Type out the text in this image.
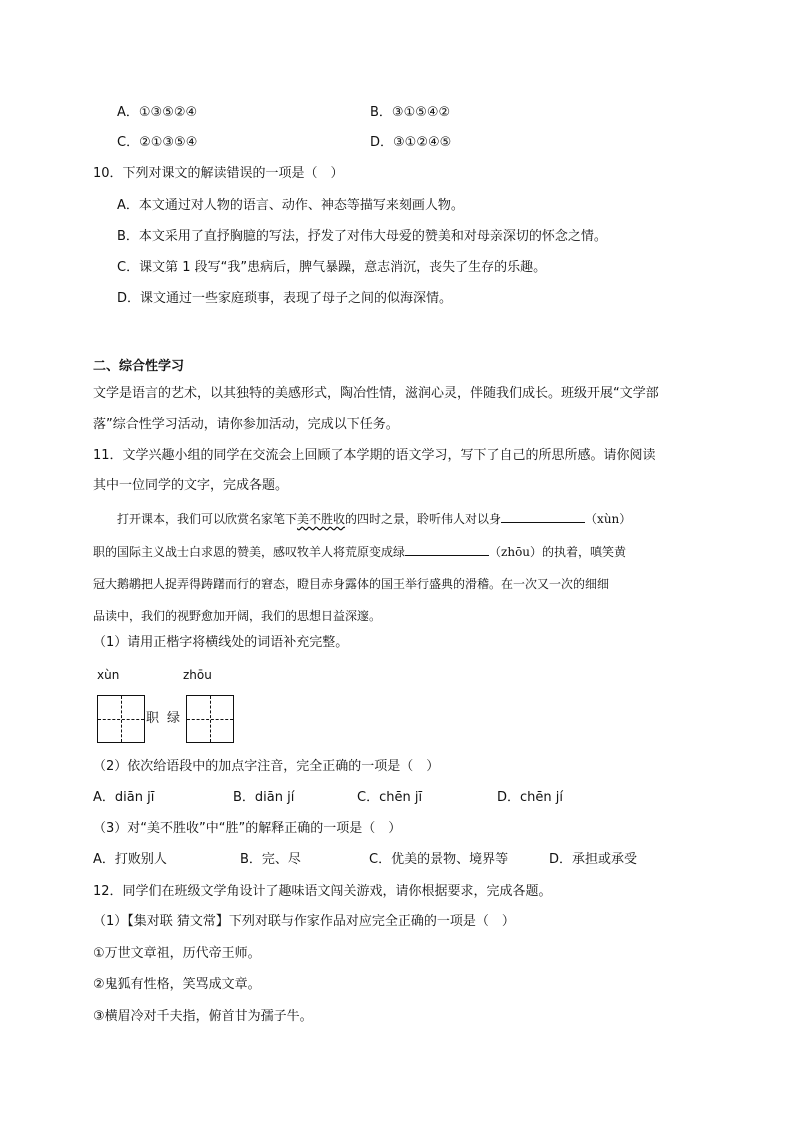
A．①③⑤②④	B．③①⑤④②
C．②①③⑤④	D．③①②④⑤
10．下列对课文的解读错误的一项是（　）
A．本文通过对人物的语言、动作、神态等描写来刻画人物。
B．本文采用了直抒胸臆的写法，抒发了对伟大母爱的赞美和对母亲深切的怀念之情。
C．课文第 1 段写“我”患病后，脾气暴躁，意志消沉，丧失了生存的乐趣。
D．课文通过一些家庭琐事，表现了母子之间的似海深情。
二、综合性学习
文学是语言的艺术，以其独特的美感形式，陶冶性情，滋润心灵，伴随我们成长。班级开展“文学部
落”综合性学习活动，请你参加活动，完成以下任务。
11．文学兴趣小组的同学在交流会上回顾了本学期的语文学习，写下了自己的所思所感。请你阅读
其中一位同学的文字，完成各题。
打开课本，我们可以欣赏名家笔下美不胜收的四时之景，聆听伟人对以身	（xùn）
职的国际主义战士白求恩的赞美，感叹牧羊人将荒原变成绿	（zhōu）的执着，嗔笑黄
冠大鹅鹕把人捉弄得踌躇而行的窘态，瞪目赤身露体的国王举行盛典的滑稽。在一次又一次的细细
品读中，我们的视野愈加开阔，我们的思想日益深邃。
（1）请用正楷字将横线处的词语补充完整。
xùn	zhōu
职 绿
（2）依次给语段中的加点字注音，完全正确的一项是（　）
A．diān jī	B．diān jí	C．chēn jī	D．chēn jí
（3）对“美不胜收”中“胜”的解释正确的一项是（　）
A．打败别人	B．完、尽	C．优美的景物、境界等	D．承担或承受
12．同学们在班级文学角设计了趣味语文闯关游戏，请你根据要求，完成各题。
（1）【集对联 猜文常】下列对联与作家作品对应完全正确的一项是（　）
①万世文章祖，历代帝王师。
②鬼狐有性格，笑骂成文章。
③横眉冷对千夫指，俯首甘为孺子牛。
